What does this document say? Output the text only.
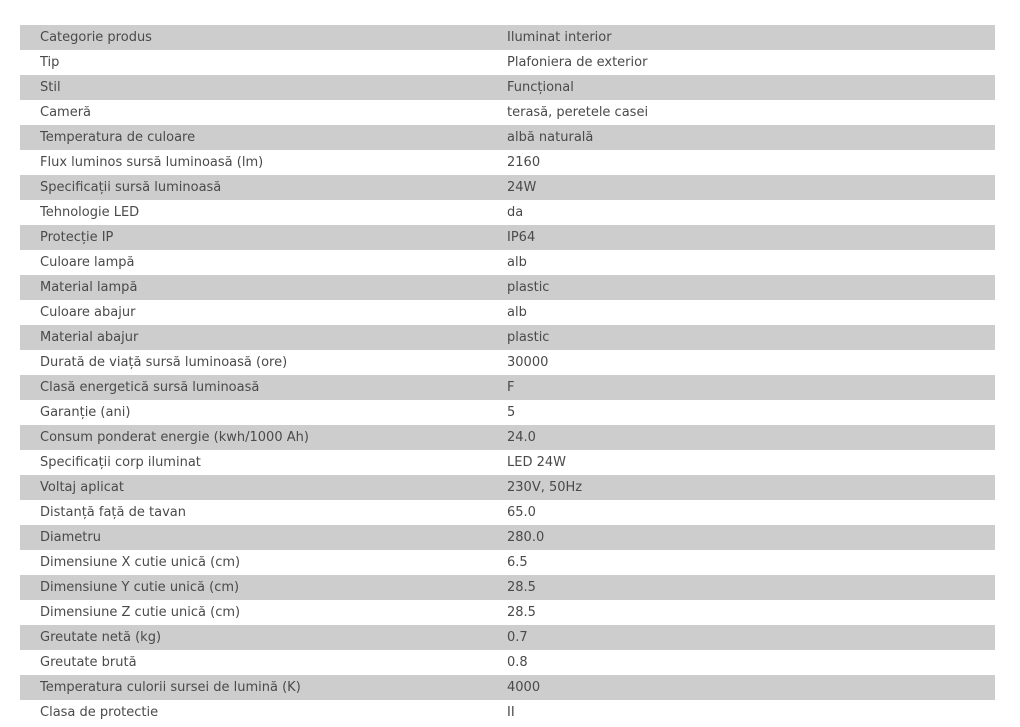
Categorie produs	Iluminat interior
Tip	Plafoniera de exterior
Stil	Funcțional
Cameră	terasă, peretele casei
Temperatura de culoare	albă naturală
Flux luminos sursă luminoasă (lm)	2160
Specificații sursă luminoasă	24W
Tehnologie LED	da
Protecție IP	IP64
Culoare lampă	alb
Material lampă	plastic
Culoare abajur	alb
Material abajur	plastic
Durată de viață sursă luminoasă (ore)	30000
Clasă energetică sursă luminoasă	F
Garanție (ani)	5
Consum ponderat energie (kwh/1000 Ah)	24.0
Specificații corp iluminat	LED 24W
Voltaj aplicat	230V, 50Hz
Distanță față de tavan	65.0
Diametru	280.0
Dimensiune X cutie unică (cm)	6.5
Dimensiune Y cutie unică (cm)	28.5
Dimensiune Z cutie unică (cm)	28.5
Greutate netă (kg)	0.7
Greutate brută	0.8
Temperatura culorii sursei de lumină (K)	4000
Clasa de protectie	II
